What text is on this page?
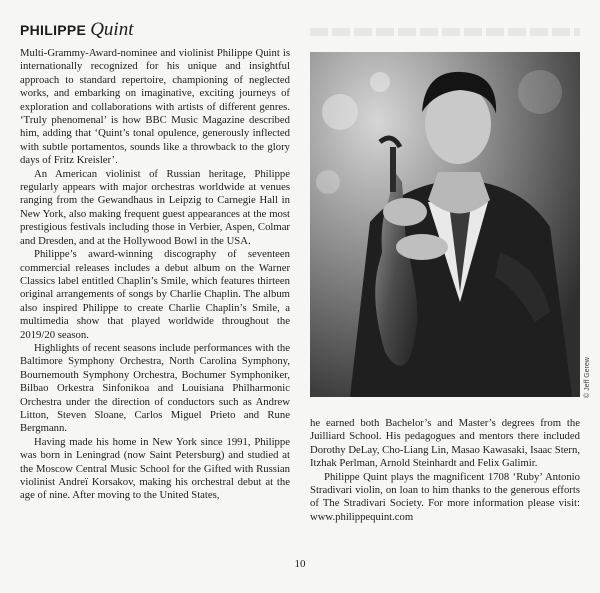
PHILIPPE Quint

Multi-Grammy-Award-nominee and violinist Philippe Quint is internationally recognized for his unique and insightful approach to standard repertoire, championing of neglected works, and embarking on imaginative, exciting journeys of exploration and collaborations with artists of different genres. ‘Truly phenomenal’ is how BBC Music Magazine described him, adding that ‘Quint’s tonal opulence, generously inflected with subtle portamentos, sounds like a throwback to the glory days of Fritz Kreisler’.

An American violinist of Russian heritage, Philippe regularly appears with major orchestras worldwide at venues ranging from the Gewandhaus in Leipzig to Carnegie Hall in New York, also making frequent guest appearances at the most prestigious festivals including those in Verbier, Aspen, Colmar and Dresden, and at the Hollywood Bowl in the USA.

Philippe’s award-winning discography of seventeen commercial releases includes a debut album on the Warner Classics label entitled Chaplin’s Smile, which features thirteen original arrangements of songs by Charlie Chaplin. The album also inspired Philippe to create Charlie Chaplin’s Smile, a multimedia show that played worldwide throughout the 2019/20 season.

Highlights of recent seasons include performances with the Baltimore Symphony Orchestra, North Carolina Symphony, Bournemouth Symphony Orchestra, Bochumer Symphoniker, Bilbao Orkestra Sinfonikoa and Louisiana Philharmonic Orchestra under the direction of conductors such as Andrew Litton, Steven Sloane, Carlos Miguel Prieto and Rune Bergmann.

Having made his home in New York since 1991, Philippe was born in Leningrad (now Saint Petersburg) and studied at the Moscow Central Music School for the Gifted with Russian violinist Andreï Korsakov, making his orchestral debut at the age of nine. After moving to the United States,

© Jeff Gerew

he earned both Bachelor’s and Master’s degrees from the Juilliard School. His pedagogues and mentors there included Dorothy DeLay, Cho-Liang Lin, Masao Kawasaki, Isaac Stern, Itzhak Perlman, Arnold Steinhardt and Felix Galimir.

Philippe Quint plays the magnificent 1708 ‘Ruby’ Antonio Stradivari violin, on loan to him thanks to the generous efforts of The Stradivari Society. For more information please visit: www.philippequint.com

10
